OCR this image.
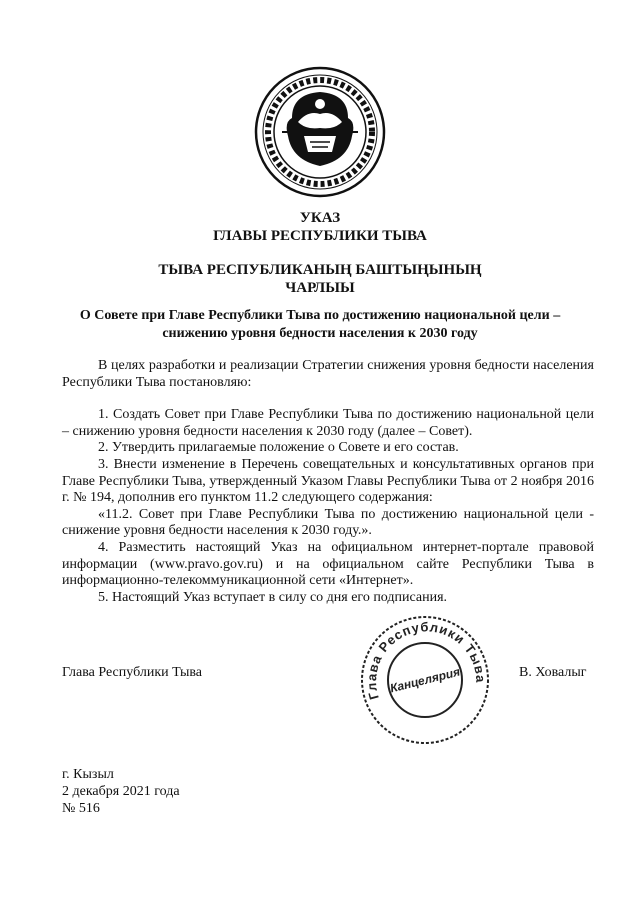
УКАЗ
ГЛАВЫ РЕСПУБЛИКИ ТЫВА
ТЫВА РЕСПУБЛИКАНЫҢ БАШТЫҢЫНЫҢ
ЧАРЛЫЫ
О Совете при Главе Республики Тыва по достижению национальной цели –
снижению уровня бедности населения к 2030 году

В целях разработки и реализации Стратегии снижения уровня бедности населения Республики Тыва постановляю:

1. Создать Совет при Главе Республики Тыва по достижению национальной цели – снижению уровня бедности населения к 2030 году (далее – Совет).

2. Утвердить прилагаемые положение о Совете и его состав.

3. Внести изменение в Перечень совещательных и консультативных органов при Главе Республики Тыва, утвержденный Указом Главы Республики Тыва от 2 ноября 2016 г. № 194, дополнив его пунктом 11.2 следующего содержания:

«11.2. Совет при Главе Республики Тыва по достижению национальной цели - снижение уровня бедности населения к 2030 году.».

4. Разместить настоящий Указ на официальном интернет-портале правовой информации (www.pravo.gov.ru) и на официальном сайте Республики Тыва в информационно-телекоммуникационной сети «Интернет».

5. Настоящий Указ вступает в силу со дня его подписания.

Глава Республики Тыва
Глава Республики Тыва
Канцелярия	В. Ховалыг
г. Кызыл
2 декабря 2021 года
№ 516
